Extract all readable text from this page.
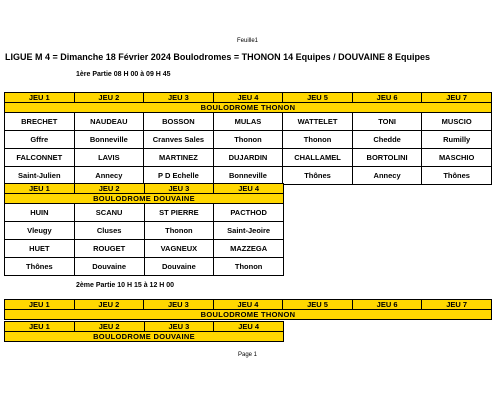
Feuille1
LIGUE M 4 = Dimanche 18 Février 2024 Boulodromes = THONON 14 Equipes / DOUVAINE 8 Equipes
1ère Partie 08 H 00 à 09 H 45
JEU 1	JEU 2	JEU 3	JEU 4	JEU 5	JEU 6	JEU 7
BOULODROME THONON						
BRECHET	NAUDEAU	BOSSON	MULAS	WATTELET	TONI	MUSCIO
Gffre	Bonneville	Cranves Sales	Thonon	Thonon	Chedde	Rumilly
FALCONNET	LAVIS	MARTINEZ	DUJARDIN	CHALLAMEL	BORTOLINI	MASCHIO
Saint-Julien	Annecy	P D Echelle	Bonneville	Thônes	Annecy	Thônes
JEU 1	JEU 2	JEU 3	JEU 4
BOULODROME DOUVAINE			
HUIN	SCANU	ST PIERRE	PACTHOD
Vleugy	Cluses	Thonon	Saint-Jeoire
HUET	ROUGET	VAGNEUX	MAZZEGA
Thônes	Douvaine	Douvaine	Thonon
2ème Partie 10 H 15 à 12 H 00
JEU 1	JEU 2	JEU 3	JEU 4	JEU 5	JEU 6	JEU 7
BOULODROME THONON
JEU 1	JEU 2	JEU 3	JEU 4
BOULODROME DOUVAINE
Page 1
